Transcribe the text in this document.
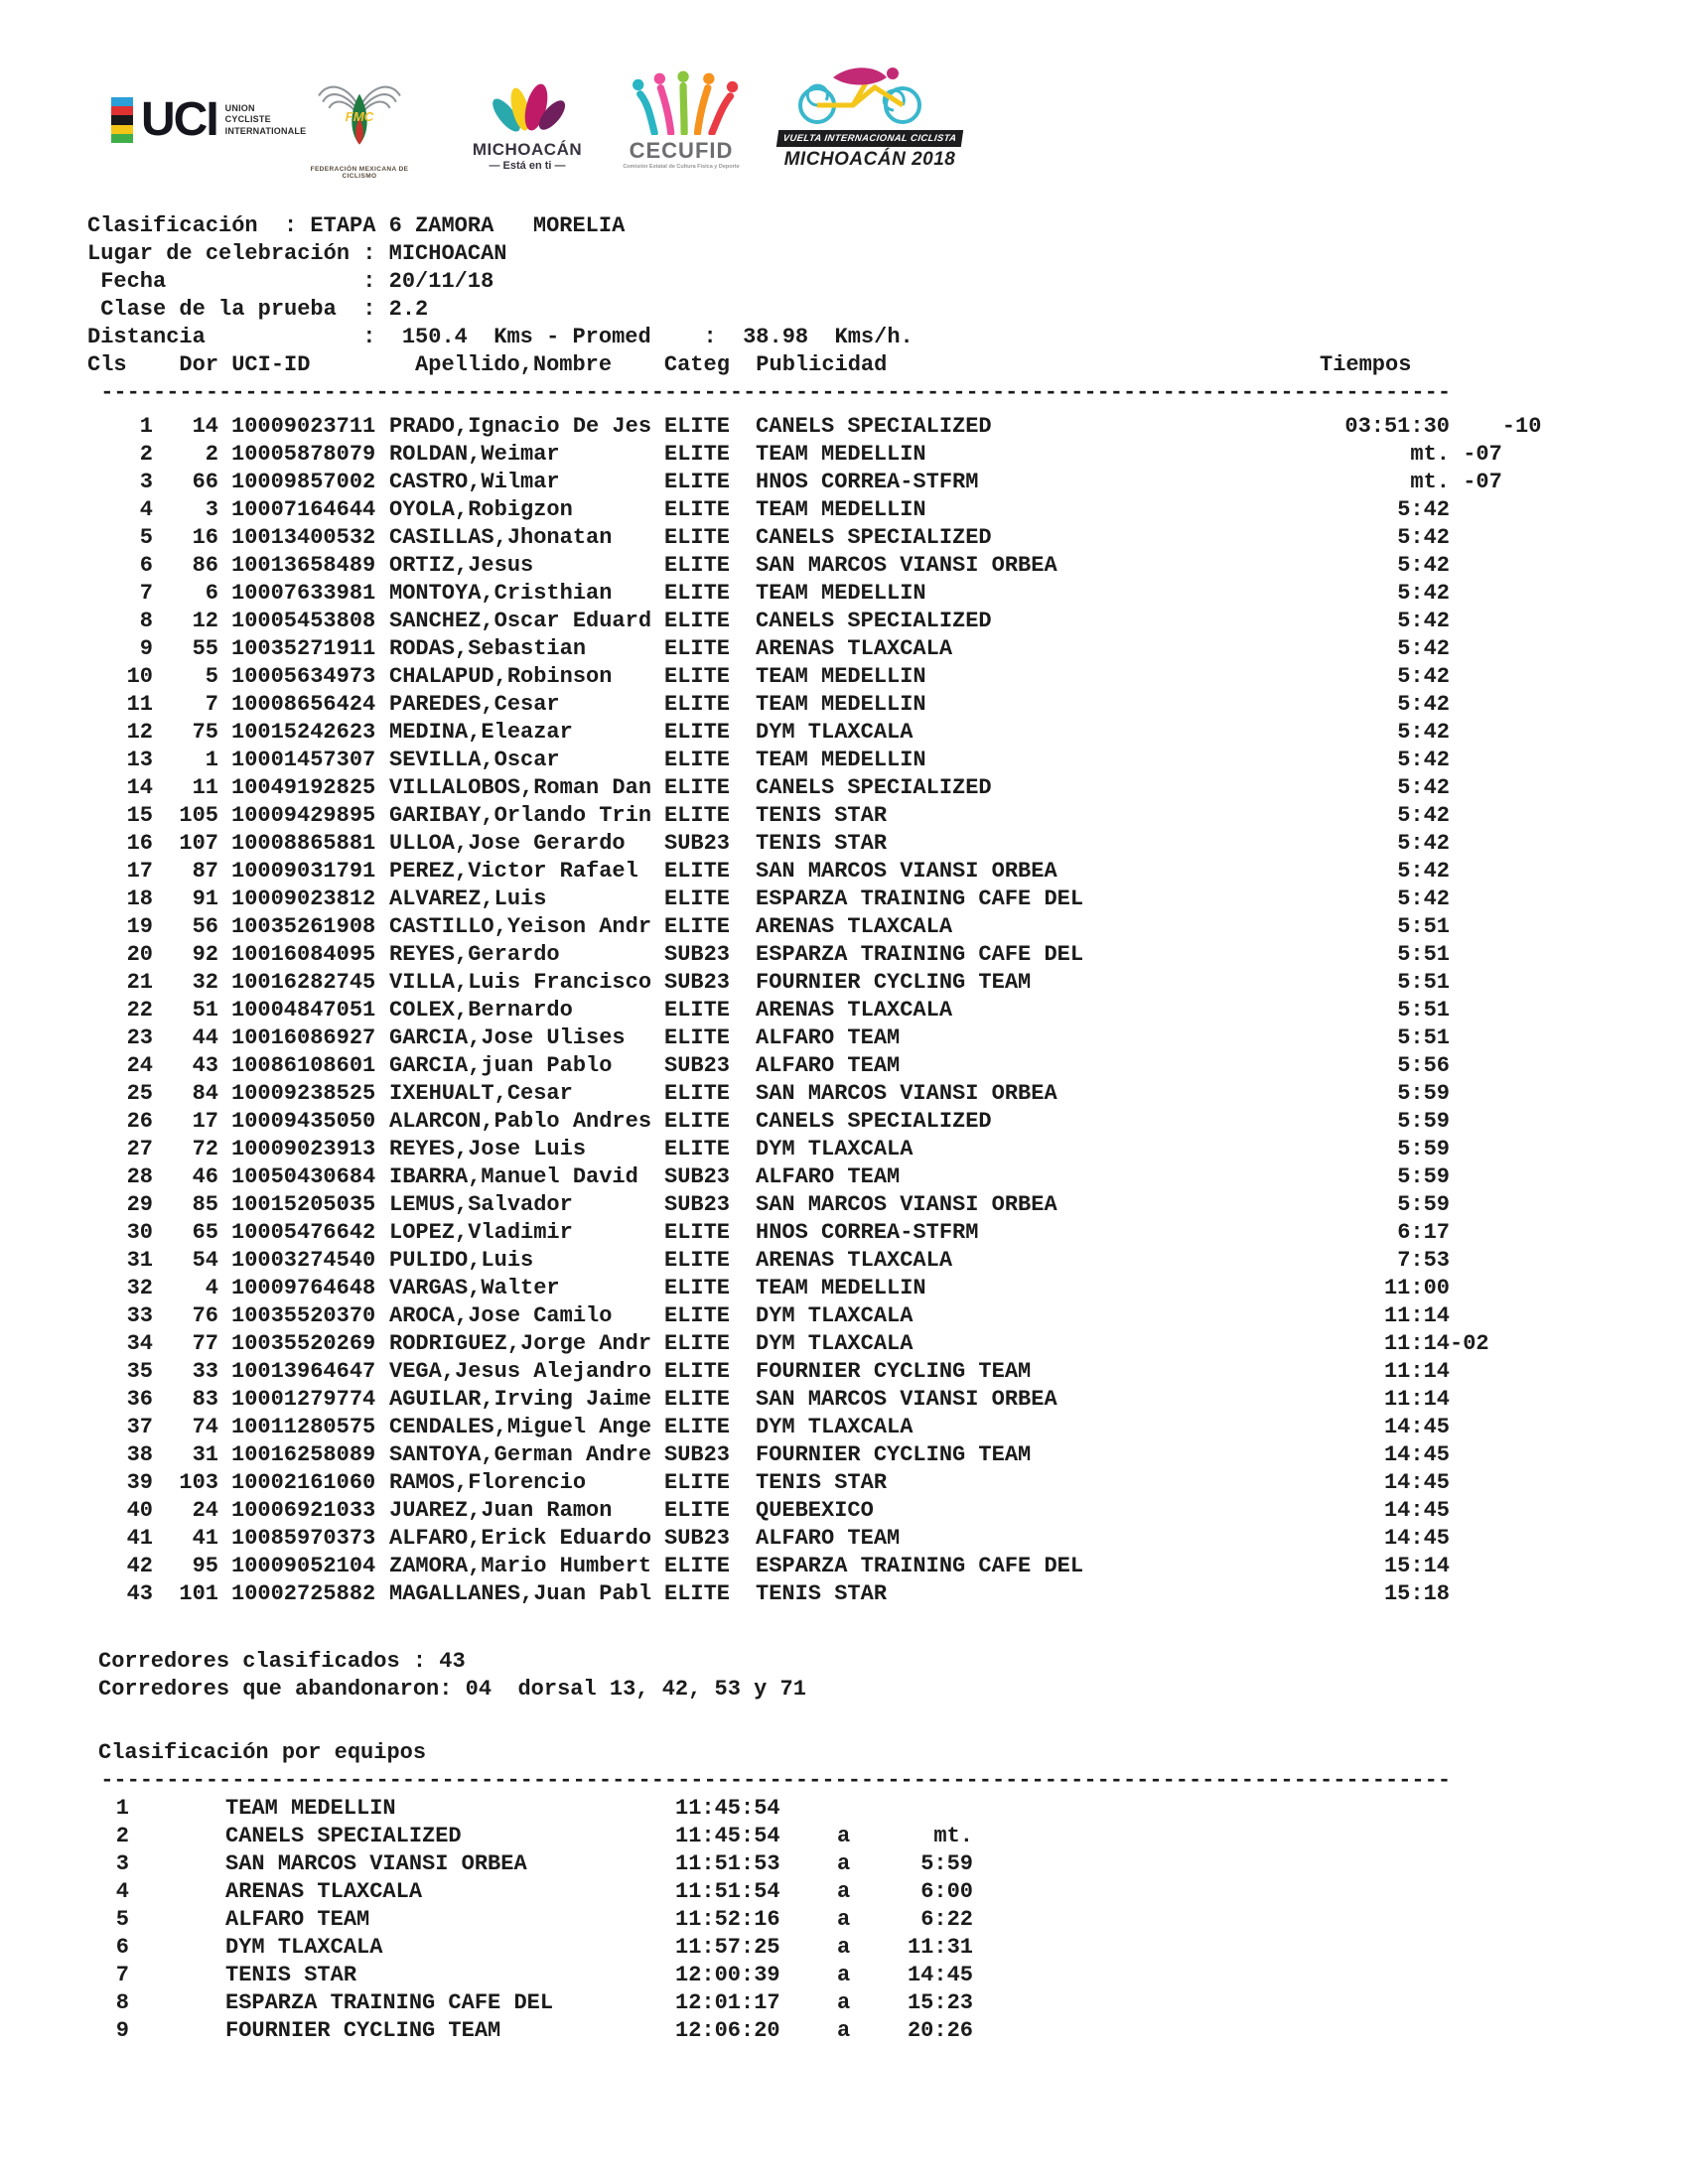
UCI UNION
CYCLISTE
INTERNATIONALE
FMC
FEDERACIÓN MEXICANA DE CICLISMO
MICHOACÁN
— Está en ti —
CECUFID
Comisión Estatal de Cultura Física y Deporte
VUELTA INTERNACIONAL CICLISTA
MICHOACÁN 2018
Clasificación  : ETAPA 6 ZAMORA   MORELIA
Lugar de celebración : MICHOACAN
Fecha               : 20/11/18
Clase de la prueba  : 2.2
Distancia            :  150.4  Kms - Promed    :  38.98  Kms/h.
Cls    Dor UCI-ID        Apellido,Nombre    Categ  Publicidad                                 Tiempos
-------------------------------------------------------------------------------------------------------
1	14 10009023711 PRADO,Ignacio De Jes ELITE CANELS SPECIALIZED	03:51:30 -10
2	2 10005878079 ROLDAN,Weimar	ELITE TEAM MEDELLIN	mt. -07
3	66 10009857002 CASTRO,Wilmar	ELITE HNOS CORREA-STFRM	mt. -07
4	3 10007164644 OYOLA,Robigzon	ELITE TEAM MEDELLIN	5:42
5	16 10013400532 CASILLAS,Jhonatan ELITE CANELS SPECIALIZED	5:42
6	86 10013658489 ORTIZ,Jesus	ELITE SAN MARCOS VIANSI ORBEA	5:42
7	6 10007633981 MONTOYA,Cristhian ELITE TEAM MEDELLIN	5:42
8	12 10005453808 SANCHEZ,Oscar Eduard ELITE CANELS SPECIALIZED	5:42
9	55 10035271911 RODAS,Sebastian	ELITE ARENAS TLAXCALA	5:42
10	5 10005634973 CHALAPUD,Robinson ELITE TEAM MEDELLIN	5:42
11	7 10008656424 PAREDES,Cesar	ELITE TEAM MEDELLIN	5:42
12	75 10015242623 MEDINA,Eleazar	ELITE DYM TLAXCALA	5:42
13	1 10001457307 SEVILLA,Oscar	ELITE TEAM MEDELLIN	5:42
14	11 10049192825 VILLALOBOS,Roman Dan ELITE CANELS SPECIALIZED	5:42
15	105 10009429895 GARIBAY,Orlando Trin ELITE TENIS STAR	5:42
16	107 10008865881 ULLOA,Jose Gerardo SUB23 TENIS STAR	5:42
17	87 10009031791 PEREZ,Victor Rafael ELITE SAN MARCOS VIANSI ORBEA	5:42
18	91 10009023812 ALVAREZ,Luis	ELITE ESPARZA TRAINING CAFE DEL	5:42
19	56 10035261908 CASTILLO,Yeison Andr ELITE ARENAS TLAXCALA	5:51
20	92 10016084095 REYES,Gerardo	SUB23 ESPARZA TRAINING CAFE DEL	5:51
21	32 10016282745 VILLA,Luis Francisco SUB23 FOURNIER CYCLING TEAM	5:51
22	51 10004847051 COLEX,Bernardo	ELITE ARENAS TLAXCALA	5:51
23	44 10016086927 GARCIA,Jose Ulises ELITE ALFARO TEAM	5:51
24	43 10086108601 GARCIA,juan Pablo SUB23 ALFARO TEAM	5:56
25	84 10009238525 IXEHUALT,Cesar	ELITE SAN MARCOS VIANSI ORBEA	5:59
26	17 10009435050 ALARCON,Pablo Andres ELITE CANELS SPECIALIZED	5:59
27	72 10009023913 REYES,Jose Luis	ELITE DYM TLAXCALA	5:59
28	46 10050430684 IBARRA,Manuel David SUB23 ALFARO TEAM	5:59
29	85 10015205035 LEMUS,Salvador	SUB23 SAN MARCOS VIANSI ORBEA	5:59
30	65 10005476642 LOPEZ,Vladimir	ELITE HNOS CORREA-STFRM	6:17
31	54 10003274540 PULIDO,Luis	ELITE ARENAS TLAXCALA	7:53
32	4 10009764648 VARGAS,Walter	ELITE TEAM MEDELLIN	11:00
33	76 10035520370 AROCA,Jose Camilo ELITE DYM TLAXCALA	11:14
34	77 10035520269 RODRIGUEZ,Jorge Andr ELITE DYM TLAXCALA	11:14 -02
35	33 10013964647 VEGA,Jesus Alejandro ELITE FOURNIER CYCLING TEAM	11:14
36	83 10001279774 AGUILAR,Irving Jaime ELITE SAN MARCOS VIANSI ORBEA	11:14
37	74 10011280575 CENDALES,Miguel Ange ELITE DYM TLAXCALA	14:45
38	31 10016258089 SANTOYA,German Andre SUB23 FOURNIER CYCLING TEAM	14:45
39	103 10002161060 RAMOS,Florencio	ELITE TENIS STAR	14:45
40	24 10006921033 JUAREZ,Juan Ramon ELITE QUEBEXICO	14:45
41	41 10085970373 ALFARO,Erick Eduardo SUB23 ALFARO TEAM	14:45
42	95 10009052104 ZAMORA,Mario Humbert ELITE ESPARZA TRAINING CAFE DEL	15:14
43	101 10002725882 MAGALLANES,Juan Pabl ELITE TENIS STAR	15:18
Corredores clasificados : 43
Corredores que abandonaron: 04  dorsal 13, 42, 53 y 71
Clasificación por equipos
-------------------------------------------------------------------------------------------------------
1	TEAM MEDELLIN	11:45:54
2	CANELS SPECIALIZED	11:45:54	a	mt.
3	SAN MARCOS VIANSI ORBEA	11:51:53	a	5:59
4	ARENAS TLAXCALA	11:51:54	a	6:00
5	ALFARO TEAM	11:52:16	a	6:22
6	DYM TLAXCALA	11:57:25	a	11:31
7	TENIS STAR	12:00:39	a	14:45
8	ESPARZA TRAINING CAFE DEL	12:01:17	a	15:23
9	FOURNIER CYCLING TEAM	12:06:20	a	20:26
